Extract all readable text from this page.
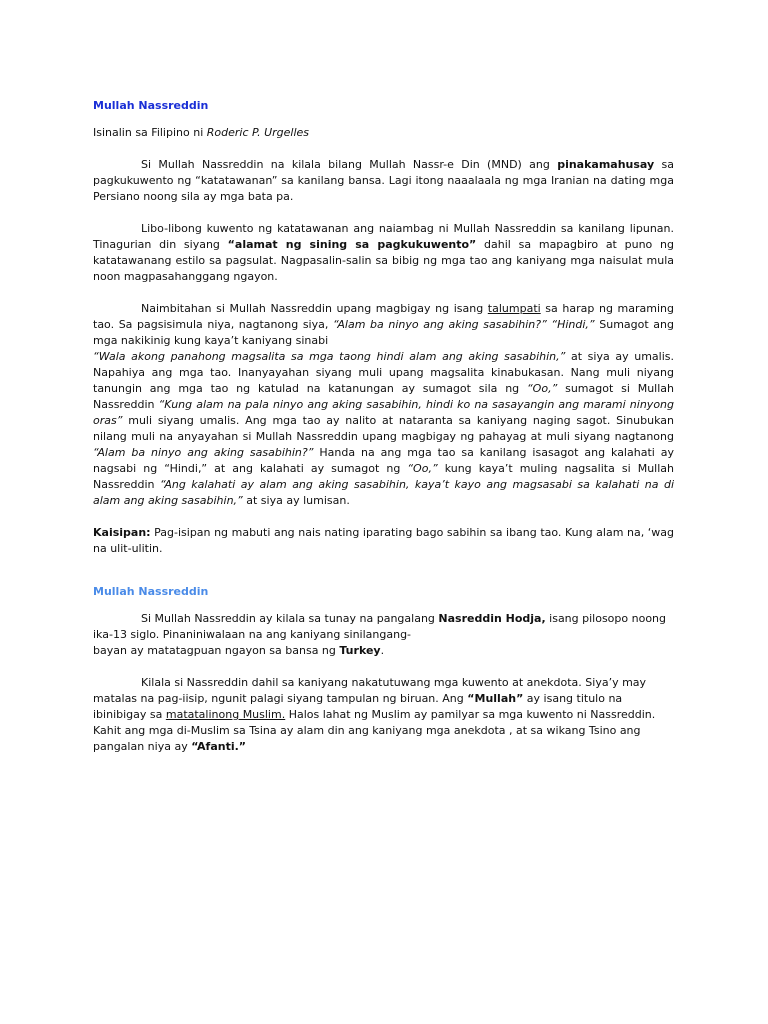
Mullah Nassreddin

Isinalin sa Filipino ni Roderic P. Urgelles

Si Mullah Nassreddin na kilala bilang Mullah Nassr-e Din (MND) ang pinakamahusay sa pagkukuwento ng “katatawanan” sa kanilang bansa. Lagi itong naaalaala ng mga Iranian na dating mga Persiano noong sila ay mga bata pa.

Libo-libong kuwento ng katatawanan ang naiambag ni Mullah Nassreddin sa kanilang lipunan. Tinagurian din siyang “alamat ng sining sa pagkukuwento” dahil sa mapagbiro at puno ng katatawanang estilo sa pagsulat. Nagpasalin-salin sa bibig ng mga tao ang kaniyang mga naisulat mula noon magpasahanggang ngayon.

Naimbitahan si Mullah Nassreddin upang magbigay ng isang talumpati sa harap ng maraming tao. Sa pagsisimula niya, nagtanong siya, “Alam ba ninyo ang aking sasabihin?” “Hindi,” Sumagot ang mga nakikinig kung kaya’t kaniyang sinabi

“Wala akong panahong magsalita sa mga taong hindi alam ang aking sasabihin,” at siya ay umalis. Napahiya ang mga tao. Inanyayahan siyang muli upang magsalita kinabukasan. Nang muli niyang tanungin ang mga tao ng katulad na katanungan ay sumagot sila ng “Oo,” sumagot si Mullah Nassreddin “Kung alam na pala ninyo ang aking sasabihin, hindi ko na sasayangin ang marami ninyong oras” muli siyang umalis. Ang mga tao ay nalito at nataranta sa kaniyang naging sagot. Sinubukan nilang muli na anyayahan si Mullah Nassreddin upang magbigay ng pahayag at muli siyang nagtanong “Alam ba ninyo ang aking sasabihin?” Handa na ang mga tao sa kanilang isasagot ang kalahati ay nagsabi ng “Hindi,” at ang kalahati ay sumagot ng “Oo,” kung kaya’t muling nagsalita si Mullah Nassreddin “Ang kalahati ay alam ang aking sasabihin, kaya’t kayo ang magsasabi sa kalahati na di alam ang aking sasabihin,” at siya ay lumisan.

Kaisipan: Pag-isipan ng mabuti ang nais nating iparating bago sabihin sa ibang tao. Kung alam na, ‘wag na ulit-ulitin.

Mullah Nassreddin

Si Mullah Nassreddin ay kilala sa tunay na pangalang Nasreddin Hodja, isang pilosopo noong ika-13 siglo. Pinaniniwalaan na ang kaniyang sinilangang-

bayan ay matatagpuan ngayon sa bansa ng Turkey.

Kilala si Nassreddin dahil sa kaniyang nakatutuwang mga kuwento at anekdota. Siya’y may matalas na pag-iisip, ngunit palagi siyang tampulan ng biruan. Ang “Mullah” ay isang titulo na ibinibigay sa matatalinong Muslim. Halos lahat ng Muslim ay pamilyar sa mga kuwento ni Nassreddin. Kahit ang mga di-Muslim sa Tsina ay alam din ang kaniyang mga anekdota , at sa wikang Tsino ang pangalan niya ay “Afanti.”
